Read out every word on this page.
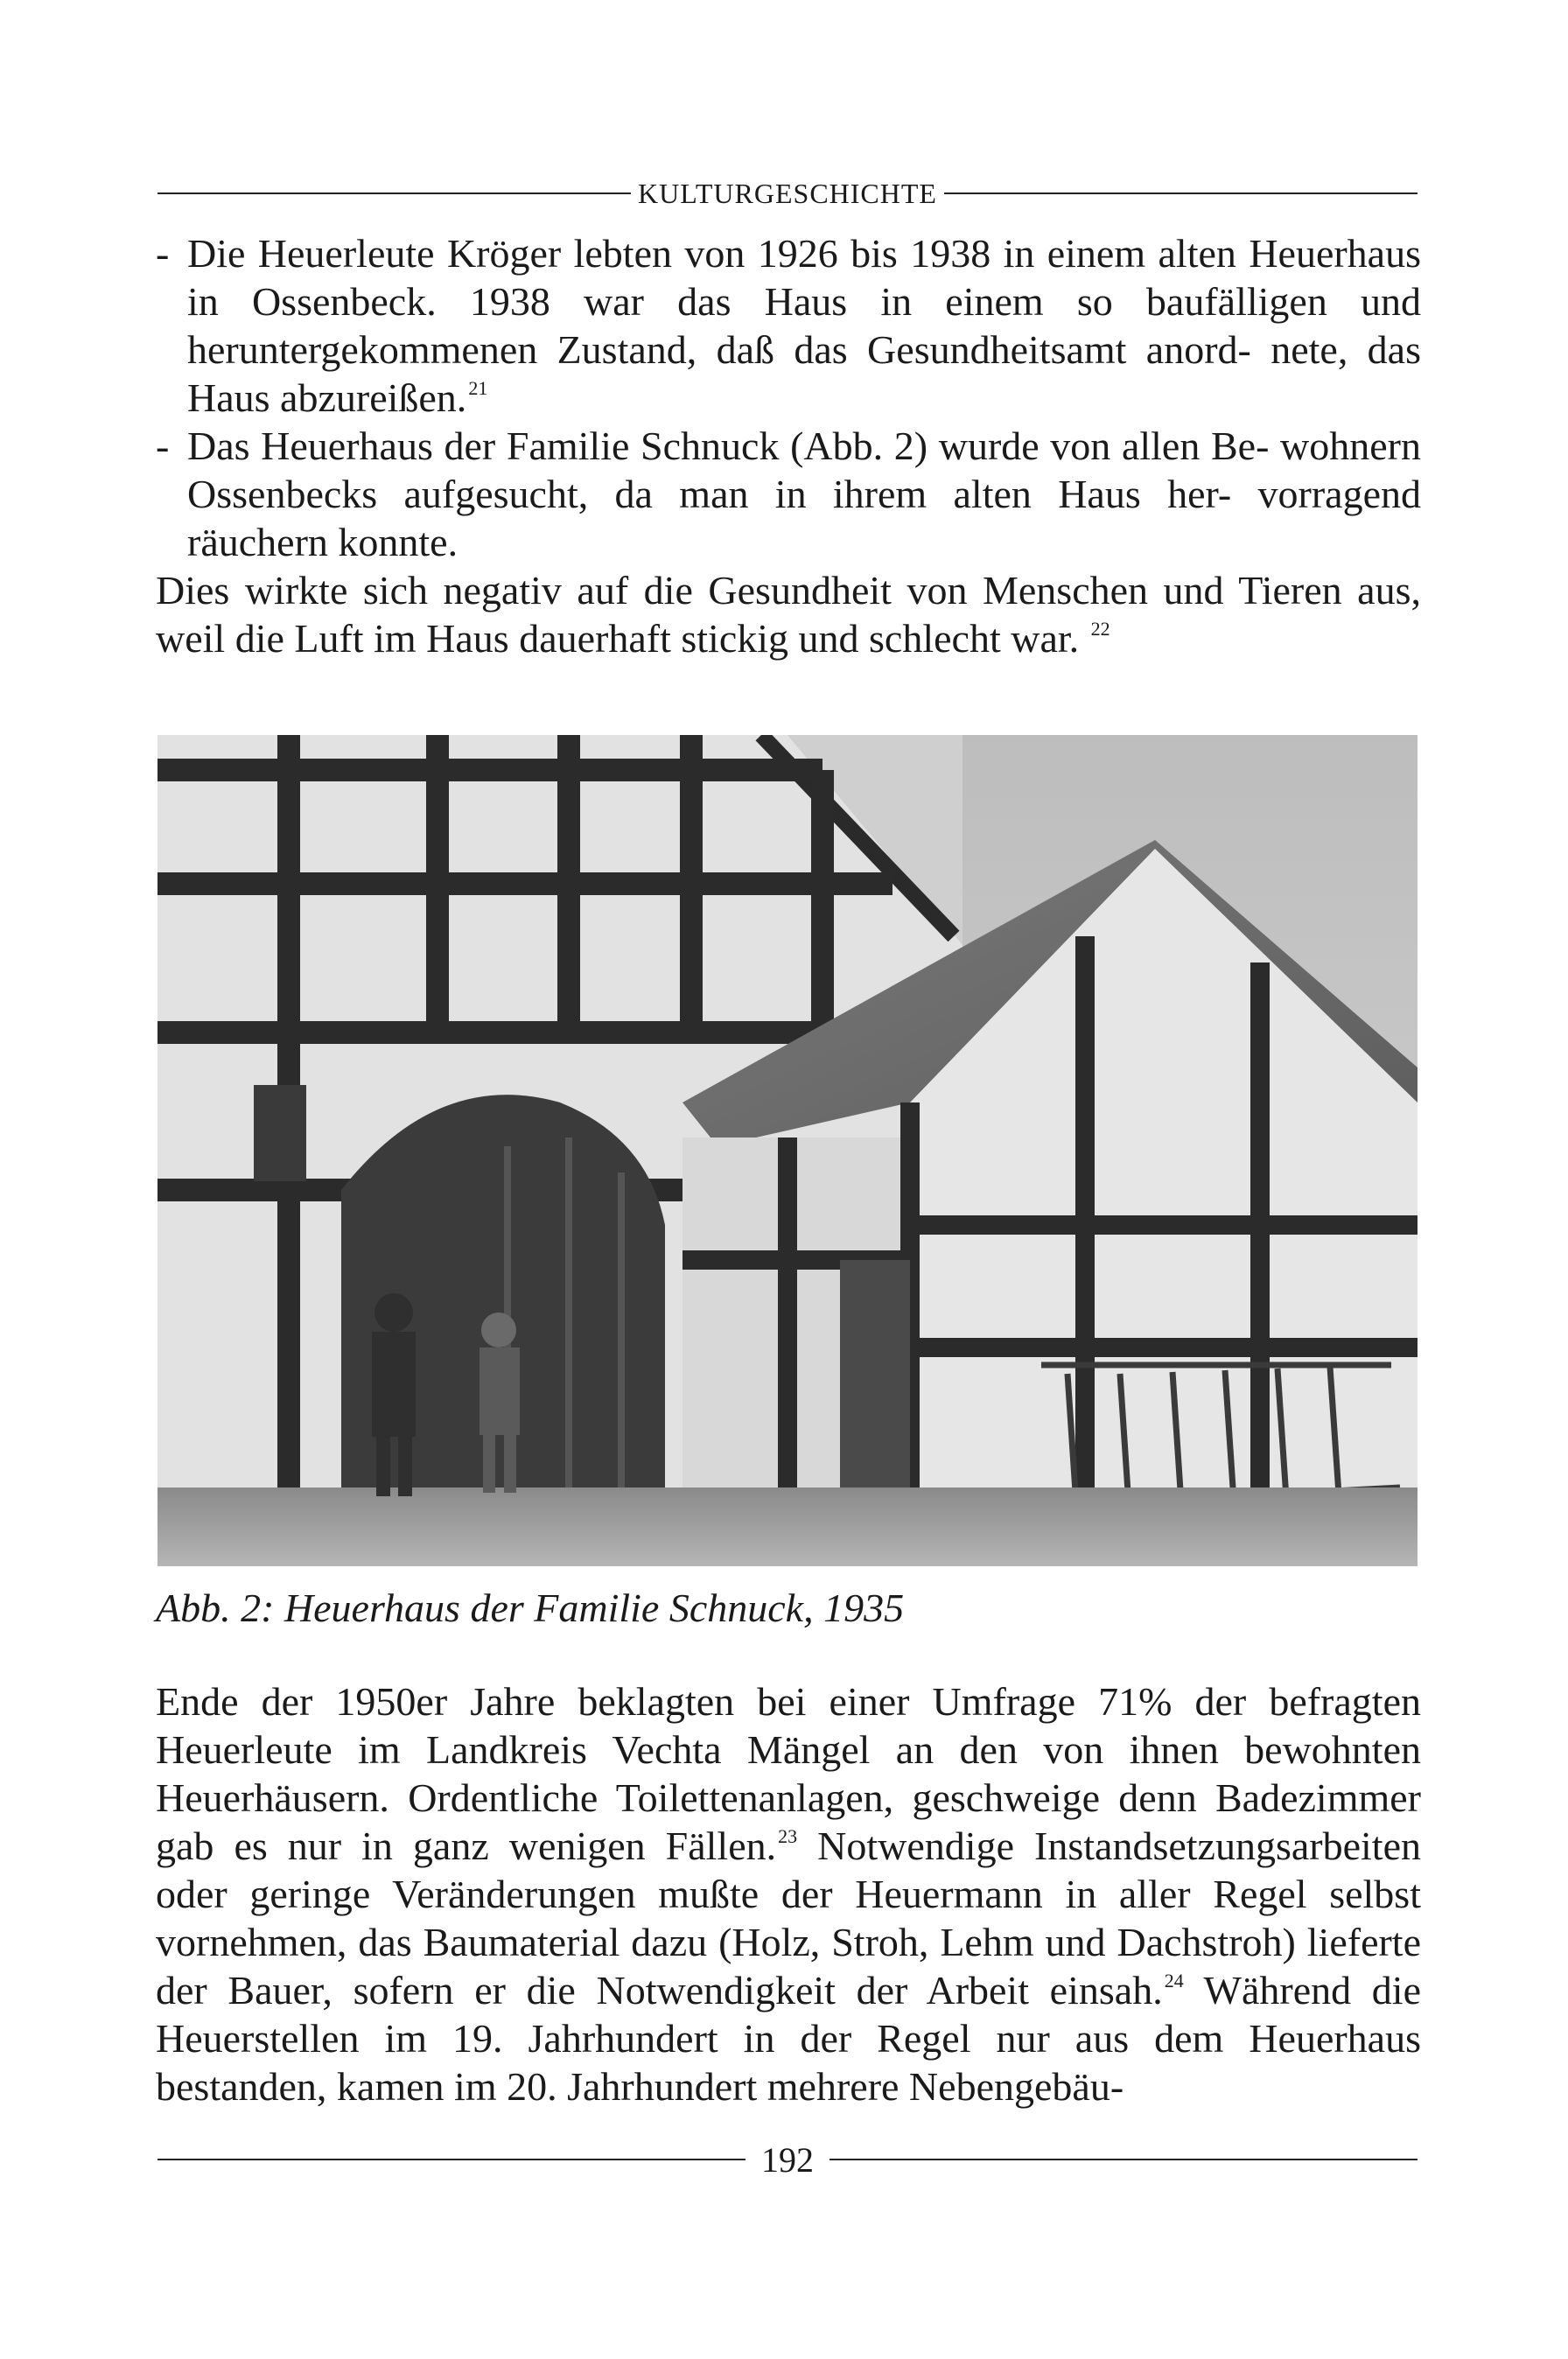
KULTURGESCHICHTE
- Die Heuerleute Kröger lebten von 1926 bis 1938 in einem alten Heuerhaus in Ossenbeck. 1938 war das Haus in einem so baufälligen und heruntergekommenen Zustand, daß das Gesundheitsamt anord- nete, das Haus abzureißen.$^{21}$
- Das Heuerhaus der Familie Schnuck (Abb. 2) wurde von allen Be- wohnern Ossenbecks aufgesucht, da man in ihrem alten Haus her- vorragend räuchern konnte.

Dies wirkte sich negativ auf die Gesundheit von Menschen und Tieren aus, weil die Luft im Haus dauerhaft stickig und schlecht war. $^{22}$

Abb. 2: Heuerhaus der Familie Schnuck, 1935

Ende der 1950er Jahre beklagten bei einer Umfrage 71% der befragten Heuerleute im Landkreis Vechta Mängel an den von ihnen bewohnten Heuerhäusern. Ordentliche Toilettenanlagen, geschweige denn Badezimmer gab es nur in ganz wenigen Fällen.$^{23}$ Notwendige Instandsetzungsarbeiten oder geringe Veränderungen mußte der Heuermann in aller Regel selbst vornehmen, das Baumaterial dazu (Holz, Stroh, Lehm und Dachstroh) lieferte der Bauer, sofern er die Notwendigkeit der Arbeit einsah.$^{24}$ Während die Heuerstellen im 19. Jahrhundert in der Regel nur aus dem Heuerhaus bestanden, kamen im 20. Jahrhundert mehrere Nebengebäu-

192
